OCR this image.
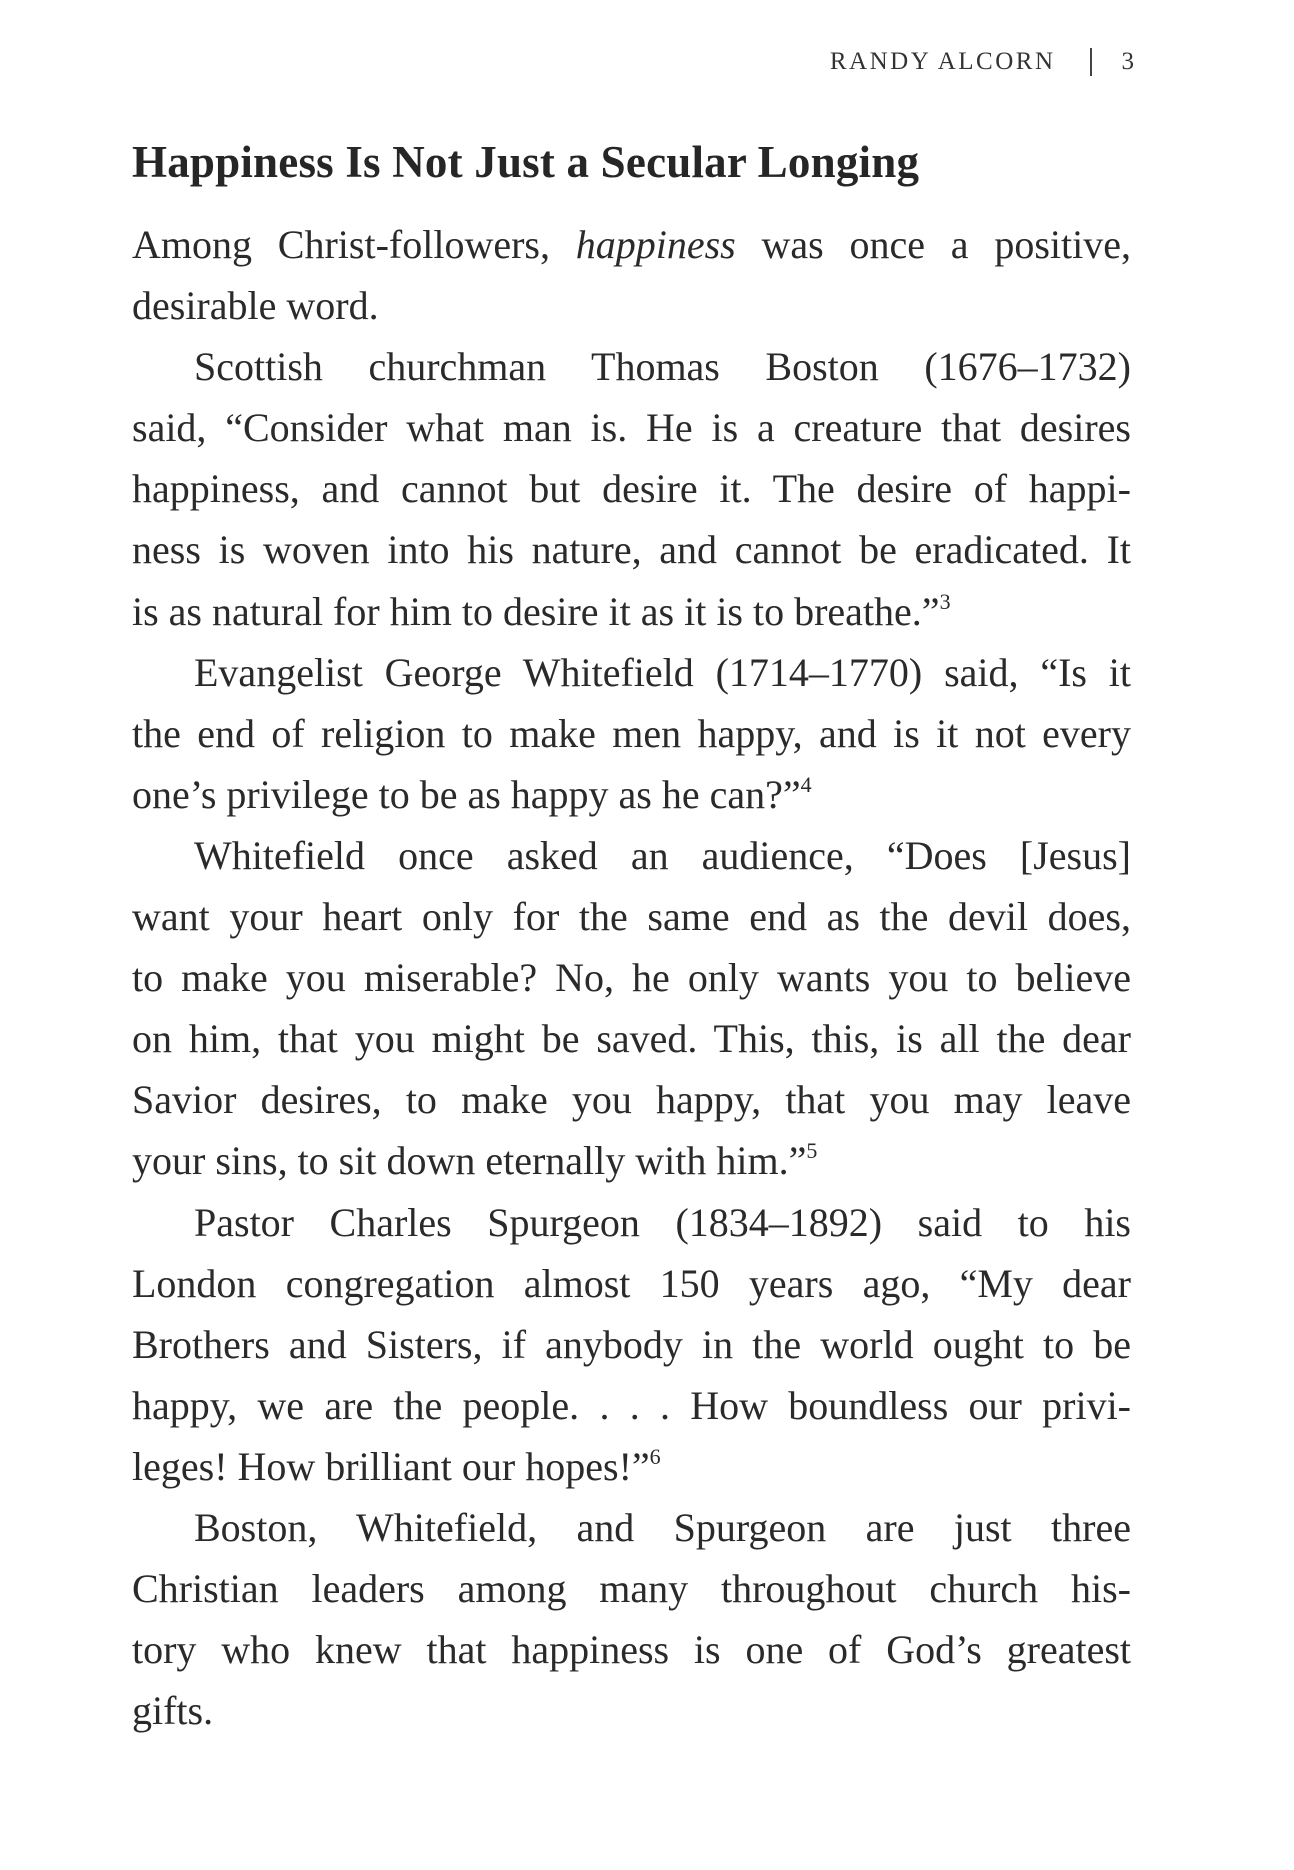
RANDY ALCORN	3
Happiness Is Not Just a Secular Longing
Among Christ-followers, happiness was once a positive,
desirable word.
Scottish churchman Thomas Boston (1676–1732)
said, “Consider what man is. He is a creature that desires
happiness, and cannot but desire it. The desire of happi-
ness is woven into his nature, and cannot be eradicated. It
is as natural for him to desire it as it is to breathe.”$^3$
Evangelist George Whitefield (1714–1770) said, “Is it
the end of religion to make men happy, and is it not every
one’s privilege to be as happy as he can?”$^4$
Whitefield once asked an audience, “Does [Jesus]
want your heart only for the same end as the devil does,
to make you miserable? No, he only wants you to believe
on him, that you might be saved. This, this, is all the dear
Savior desires, to make you happy, that you may leave
your sins, to sit down eternally with him.”$^5$
Pastor Charles Spurgeon (1834–1892) said to his
London congregation almost 150 years ago, “My dear
Brothers and Sisters, if anybody in the world ought to be
happy, we are the people. . . . How boundless our privi-
leges! How brilliant our hopes!”$^6$
Boston, Whitefield, and Spurgeon are just three
Christian leaders among many throughout church his-
tory who knew that happiness is one of God’s greatest
gifts.
